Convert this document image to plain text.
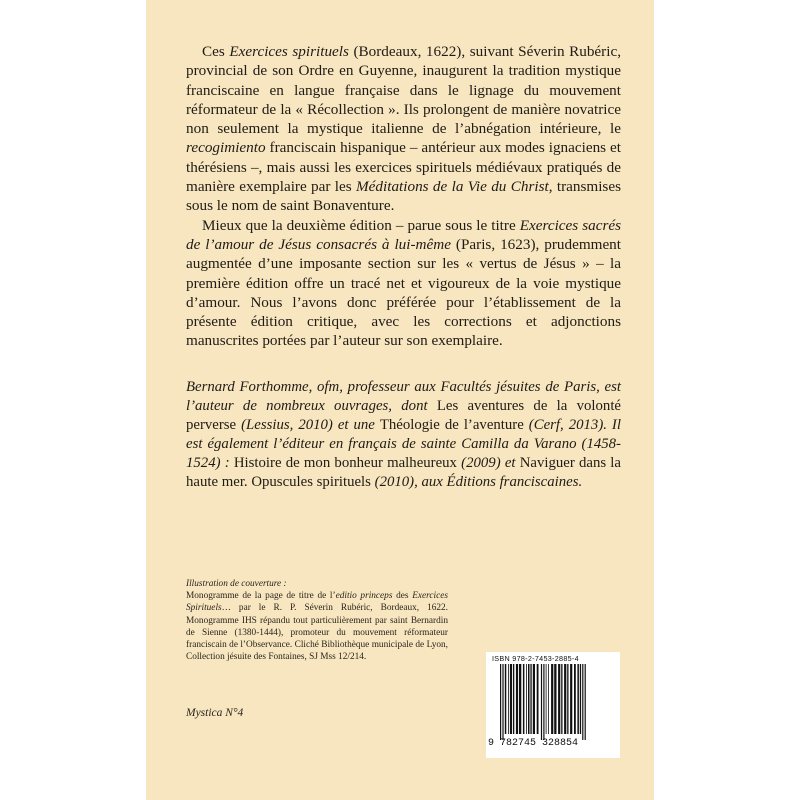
Ces Exercices spirituels (Bordeaux, 1622), suivant Séverin Rubéric, provincial de son Ordre en Guyenne, inaugurent la tradition mystique franciscaine en langue française dans le lignage du mouvement réformateur de la « Récollection ». Ils prolongent de manière novatrice non seulement la mystique italienne de l’abnégation intérieure, le recogimiento franciscain hispanique – antérieur aux modes ignaciens et thérésiens –, mais aussi les exercices spirituels médiévaux pratiqués de manière exemplaire par les Méditations de la Vie du Christ, transmises sous le nom de saint Bonaventure.

Mieux que la deuxième édition – parue sous le titre Exercices sacrés de l’amour de Jésus consacrés à lui-même (Paris, 1623), prudemment augmentée d’une imposante section sur les « vertus de Jésus » – la première édition offre un tracé net et vigoureux de la voie mystique d’amour. Nous l’avons donc préférée pour l’établissement de la présente édition critique, avec les corrections et adjonctions manuscrites portées par l’auteur sur son exemplaire.

Bernard Forthomme, ofm, professeur aux Facultés jésuites de Paris, est l’auteur de nombreux ouvrages, dont Les aventures de la volonté perverse (Lessius, 2010) et une Théologie de l’aventure (Cerf, 2013). Il est également l’éditeur en français de sainte Camilla da Varano (1458-1524) : Histoire de mon bonheur malheureux (2009) et Naviguer dans la haute mer. Opuscules spirituels (2010), aux Éditions franciscaines.

Illustration de couverture :

Monogramme de la page de titre de l’editio princeps des Exercices Spirituels… par le R. P. Séverin Rubéric, Bordeaux, 1622. Monogramme IHS répandu tout particulièrement par saint Bernardin de Sienne (1380-1444), promoteur du mouvement réformateur franciscain de l’Observance. Cliché Bibliothèque municipale de Lyon, Collection jésuite des Fontaines, SJ Mss 12/214.

Mystica N°4
ISBN 978-2-7453-2885-4
9 782745 328854
